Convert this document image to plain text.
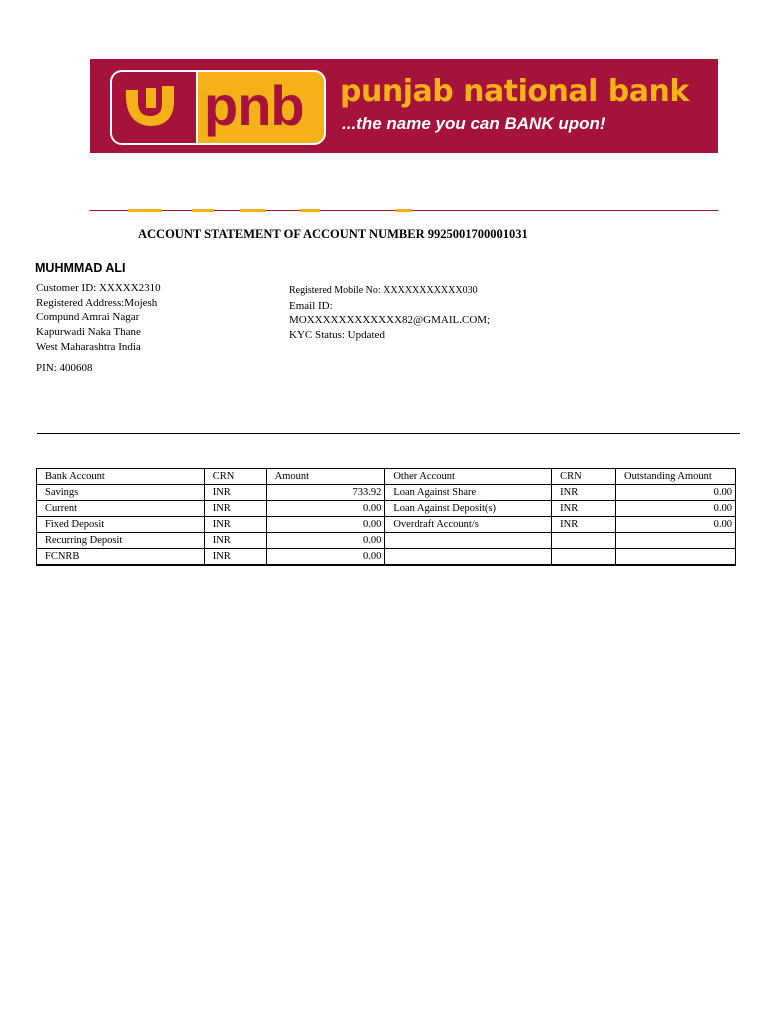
pnb punjab national bank
...the name you can BANK upon!
ACCOUNT STATEMENT OF ACCOUNT NUMBER 9925001700001031
MUHMMAD ALI
Customer ID: XXXXX2310
Registered Address:Mojesh
Compund Amrai Nagar
Kapurwadi Naka Thane
West Maharashtra India
PIN: 400608
Registered Mobile No: XXXXXXXXXXX030
Email ID:
MOXXXXXXXXXXXX82@GMAIL.COM;
KYC Status: Updated
Bank Account	CRN	Amount	Other Account	CRN	Outstanding Amount
Savings	INR	733.92	Loan Against Share	INR	0.00
Current	INR	0.00	Loan Against Deposit(s)	INR	0.00
Fixed Deposit	INR	0.00	Overdraft Account/s	INR	0.00
Recurring Deposit	INR	0.00			
FCNRB	INR	0.00			
